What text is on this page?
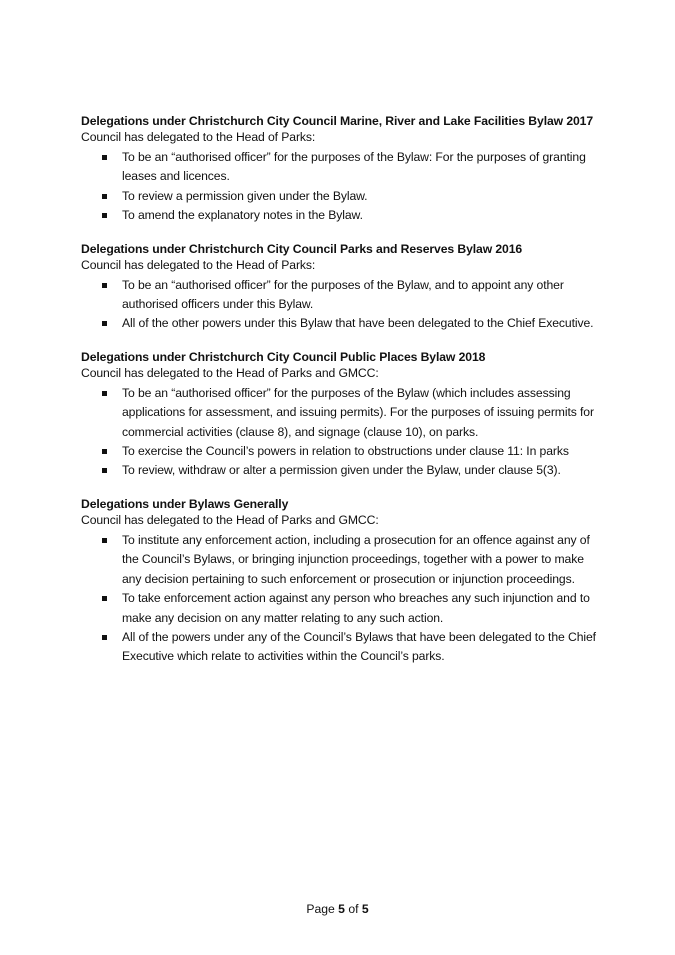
Delegations under Christchurch City Council Marine, River and Lake Facilities Bylaw 2017
Council has delegated to the Head of Parks:
To be an “authorised officer” for the purposes of the Bylaw: For the purposes of granting leases and licences.
To review a permission given under the Bylaw.
To amend the explanatory notes in the Bylaw.
Delegations under Christchurch City Council Parks and Reserves Bylaw 2016
Council has delegated to the Head of Parks:
To be an “authorised officer” for the purposes of the Bylaw, and to appoint any other authorised officers under this Bylaw.
All of the other powers under this Bylaw that have been delegated to the Chief Executive.
Delegations under Christchurch City Council Public Places Bylaw 2018
Council has delegated to the Head of Parks and GMCC:
To be an “authorised officer” for the purposes of the Bylaw (which includes assessing applications for assessment, and issuing permits). For the purposes of issuing permits for commercial activities (clause 8), and signage (clause 10), on parks.
To exercise the Council’s powers in relation to obstructions under clause 11: In parks
To review, withdraw or alter a permission given under the Bylaw, under clause 5(3).
Delegations under Bylaws Generally
Council has delegated to the Head of Parks and GMCC:
To institute any enforcement action, including a prosecution for an offence against any of the Council’s Bylaws, or bringing injunction proceedings, together with a power to make any decision pertaining to such enforcement or prosecution or injunction proceedings.
To take enforcement action against any person who breaches any such injunction and to make any decision on any matter relating to any such action.
All of the powers under any of the Council’s Bylaws that have been delegated to the Chief Executive which relate to activities within the Council’s parks.
Page 5 of 5
